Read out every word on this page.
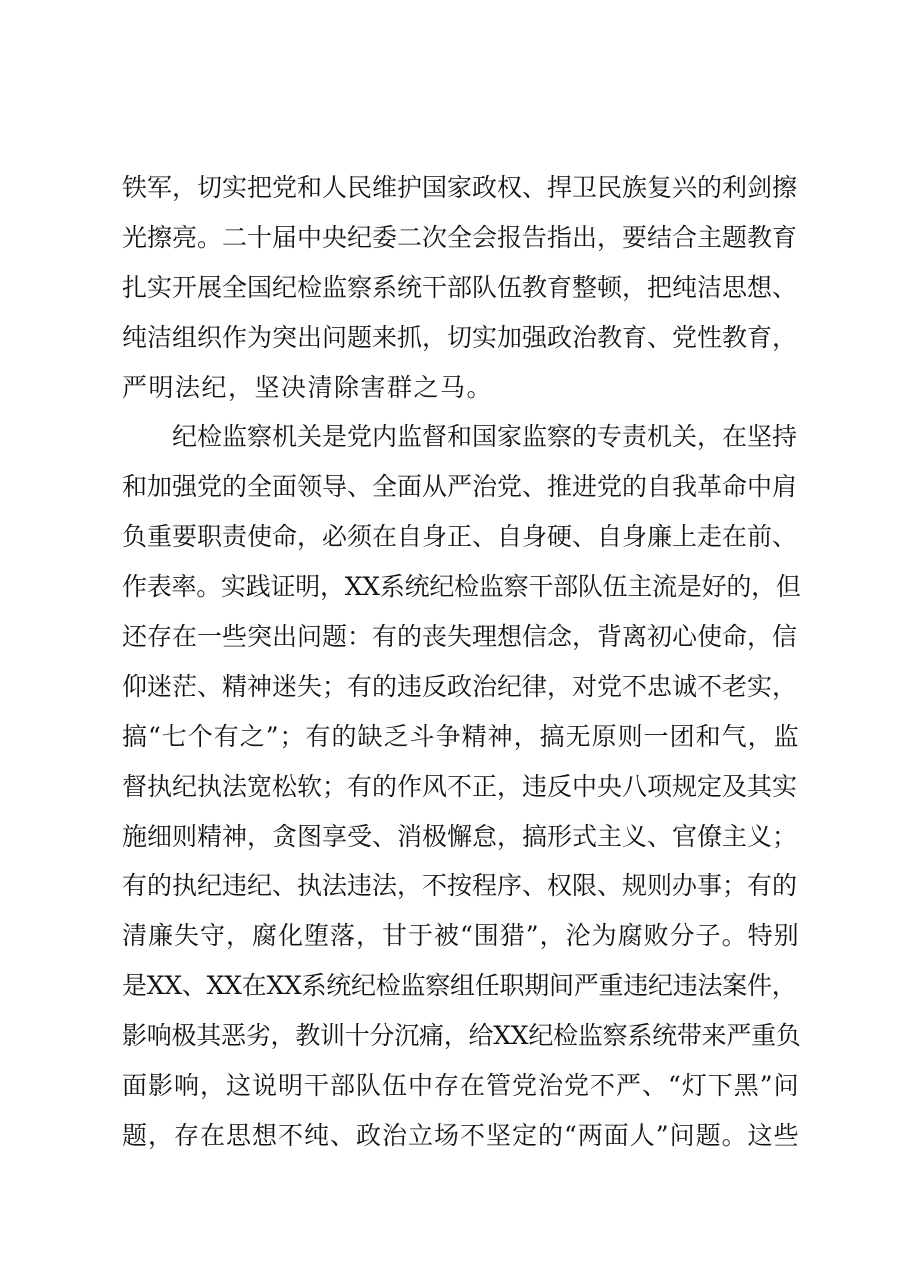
铁军，切实把党和人民维护国家政权、捍卫民族复兴的利剑擦
光擦亮。二十届中央纪委二次全会报告指出，要结合主题教育
扎实开展全国纪检监察系统干部队伍教育整顿，把纯洁思想、
纯洁组织作为突出问题来抓，切实加强政治教育、党性教育，
严明法纪，坚决清除害群之马。
纪检监察机关是党内监督和国家监察的专责机关，在坚持
和加强党的全面领导、全面从严治党、推进党的自我革命中肩
负重要职责使命，必须在自身正、自身硬、自身廉上走在前、
作表率。实践证明，XX系统纪检监察干部队伍主流是好的，但
还存在一些突出问题：有的丧失理想信念，背离初心使命，信
仰迷茫、精神迷失；有的违反政治纪律，对党不忠诚不老实，
搞“七个有之”；有的缺乏斗争精神，搞无原则一团和气，监
督执纪执法宽松软；有的作风不正，违反中央八项规定及其实
施细则精神，贪图享受、消极懈怠，搞形式主义、官僚主义；
有的执纪违纪、执法违法，不按程序、权限、规则办事；有的
清廉失守，腐化堕落，甘于被“围猎”，沦为腐败分子。特别
是XX、XX在XX系统纪检监察组任职期间严重违纪违法案件，
影响极其恶劣，教训十分沉痛，给XX纪检监察系统带来严重负
面影响，这说明干部队伍中存在管党治党不严、“灯下黑”问
题，存在思想不纯、政治立场不坚定的“两面人”问题。这些
